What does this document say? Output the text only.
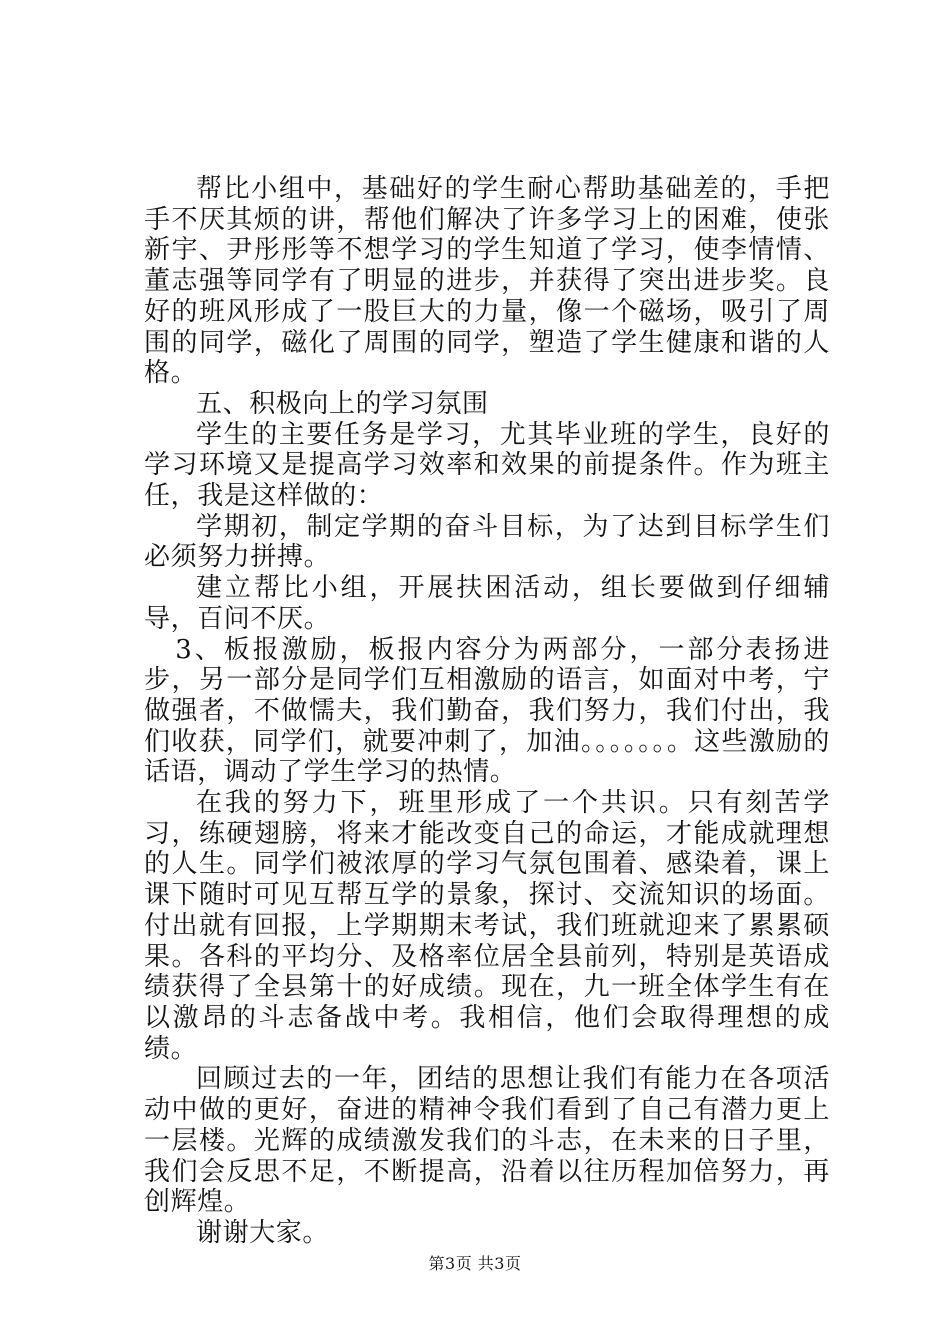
帮比小组中，基础好的学生耐心帮助基础差的，手把手不厌其烦的讲，帮他们解决了许多学习上的困难，使张新宇、尹彤彤等不想学习的学生知道了学习，使李情情、董志强等同学有了明显的进步，并获得了突出进步奖。良好的班风形成了一股巨大的力量，像一个磁场，吸引了周围的同学，磁化了周围的同学，塑造了学生健康和谐的人格。

五、积极向上的学习氛围

学生的主要任务是学习，尤其毕业班的学生，良好的学习环境又是提高学习效率和效果的前提条件。作为班主任，我是这样做的：

学期初，制定学期的奋斗目标，为了达到目标学生们必须努力拼搏。

建立帮比小组，开展扶困活动，组长要做到仔细辅导，百问不厌。

3、板报激励，板报内容分为两部分，一部分表扬进步，另一部分是同学们互相激励的语言，如面对中考，宁做强者，不做懦夫，我们勤奋，我们努力，我们付出，我们收获，同学们，就要冲刺了，加油。。。。。。。这些激励的话语，调动了学生学习的热情。

在我的努力下，班里形成了一个共识。只有刻苦学习，练硬翅膀，将来才能改变自己的命运，才能成就理想的人生。同学们被浓厚的学习气氛包围着、感染着，课上课下随时可见互帮互学的景象，探讨、交流知识的场面。付出就有回报，上学期期末考试，我们班就迎来了累累硕果。各科的平均分、及格率位居全县前列，特别是英语成绩获得了全县第十的好成绩。现在，九一班全体学生有在以激昂的斗志备战中考。我相信，他们会取得理想的成绩。

回顾过去的一年，团结的思想让我们有能力在各项活动中做的更好，奋进的精神令我们看到了自己有潜力更上一层楼。光辉的成绩激发我们的斗志，在未来的日子里，我们会反思不足，不断提高，沿着以往历程加倍努力，再创辉煌。

谢谢大家。

第3页 共3页
